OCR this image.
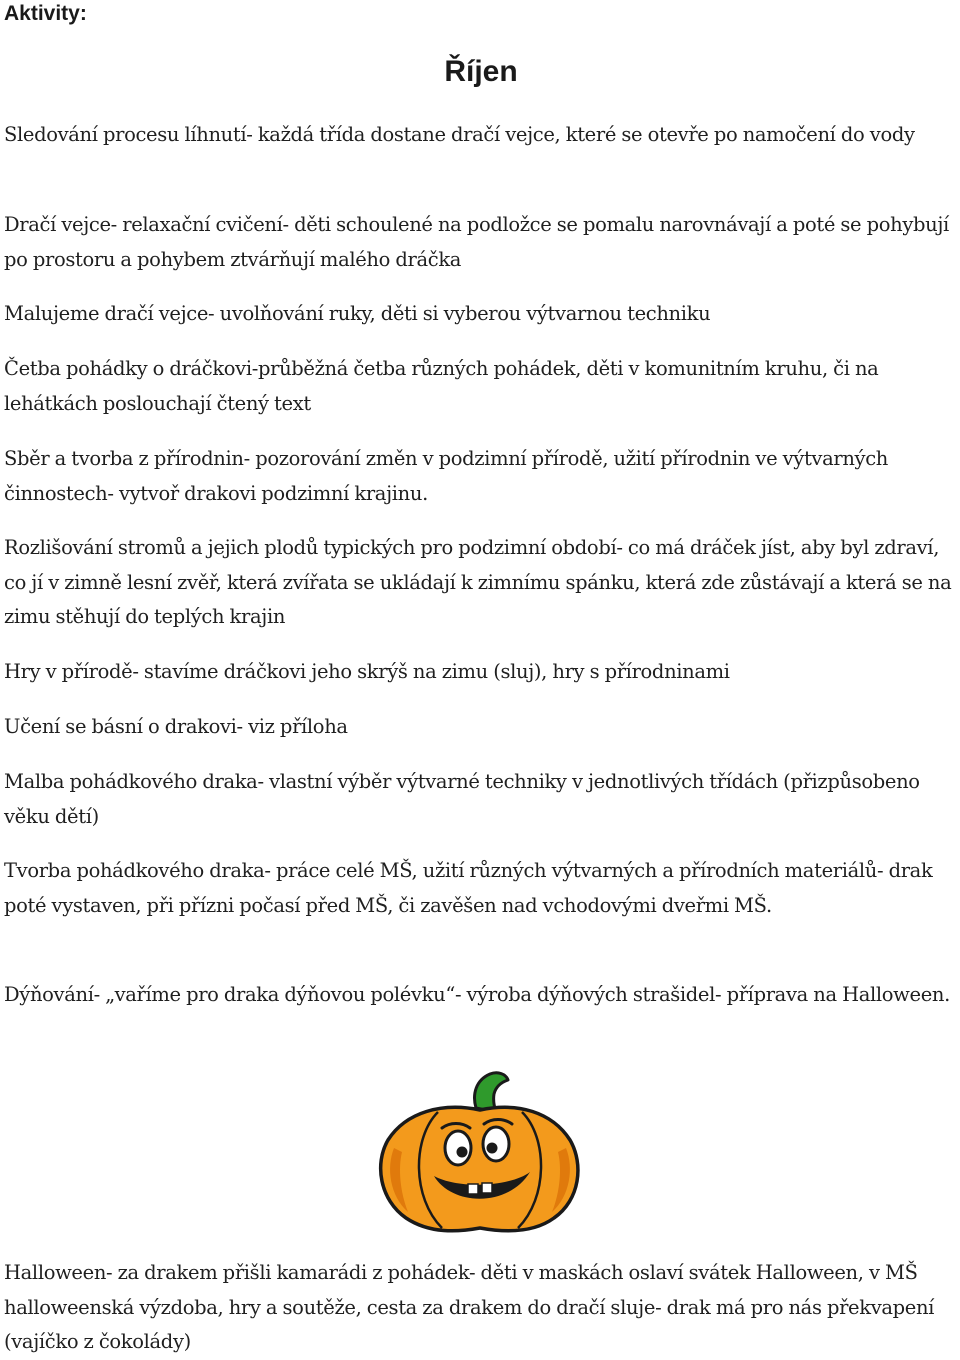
Aktivity:
Říjen

Sledování procesu líhnutí- každá třída dostane dračí vejce, které se otevře po namočení do vody

Dračí vejce- relaxační cvičení- děti schoulené na podložce se pomalu narovnávají a poté se pohybují po prostoru a pohybem ztvárňují malého dráčka

Malujeme dračí vejce- uvolňování ruky, děti si vyberou výtvarnou techniku

Četba pohádky o dráčkovi-průběžná četba různých pohádek, děti v komunitním kruhu, či na lehátkách poslouchají čtený text

Sběr a tvorba z přírodnin- pozorování změn v podzimní přírodě, užití přírodnin ve výtvarných činnostech- vytvoř drakovi podzimní krajinu.

Rozlišování stromů a jejich plodů typických pro podzimní období- co má dráček jíst, aby byl zdraví, co jí v zimně lesní zvěř, která zvířata se ukládají k zimnímu spánku, která zde zůstávají a která se na zimu stěhují do teplých krajin

Hry v přírodě- stavíme dráčkovi jeho skrýš na zimu (sluj), hry s přírodninami

Učení se básní o drakovi- viz příloha

Malba pohádkového draka- vlastní výběr výtvarné techniky v jednotlivých třídách (přizpůsobeno věku dětí)

Tvorba pohádkového draka- práce celé MŠ, užití různých výtvarných a přírodních materiálů- drak poté vystaven, při přízni počasí před MŠ, či zavěšen nad vchodovými dveřmi MŠ.

Dýňování- „vaříme pro draka dýňovou polévku“- výroba dýňových strašidel- příprava na Halloween.

Halloween- za drakem přišli kamarádi z pohádek- děti v maskách oslaví svátek Halloween, v MŠ halloweenská výzdoba, hry a soutěže, cesta za drakem do dračí sluje- drak má pro nás překvapení (vajíčko z čokolády)
